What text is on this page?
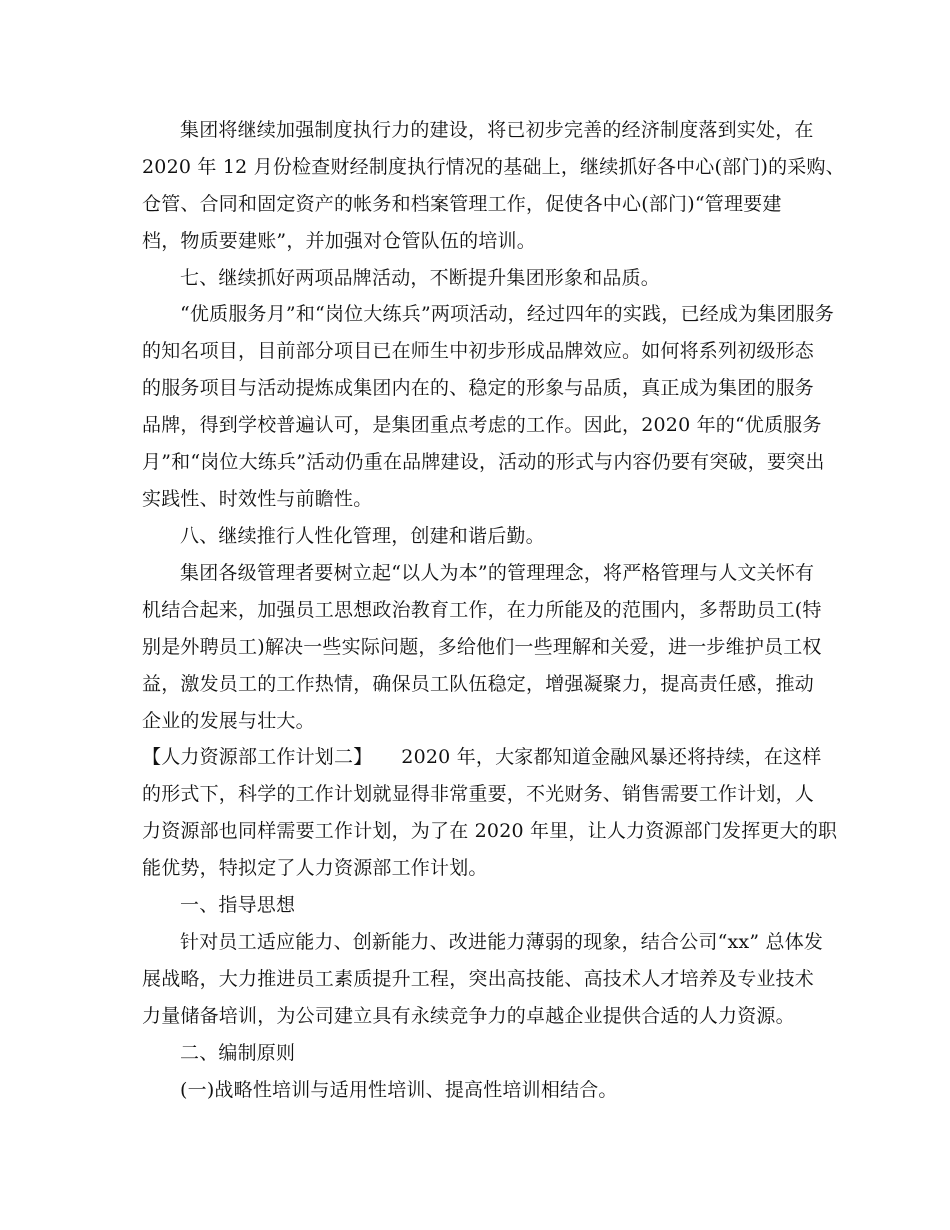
集团将继续加强制度执行力的建设，将已初步完善的经济制度落到实处，在
2020 年 12 月份检查财经制度执行情况的基础上，继续抓好各中心(部门)的采购、
仓管、合同和固定资产的帐务和档案管理工作，促使各中心(部门)“管理要建
档，物质要建账”，并加强对仓管队伍的培训。
七、继续抓好两项品牌活动，不断提升集团形象和品质。
“优质服务月”和“岗位大练兵”两项活动，经过四年的实践，已经成为集团服务
的知名项目，目前部分项目已在师生中初步形成品牌效应。如何将系列初级形态
的服务项目与活动提炼成集团内在的、稳定的形象与品质，真正成为集团的服务
品牌，得到学校普遍认可，是集团重点考虑的工作。因此，2020 年的“优质服务
月”和“岗位大练兵”活动仍重在品牌建设，活动的形式与内容仍要有突破，要突出
实践性、时效性与前瞻性。
八、继续推行人性化管理，创建和谐后勤。
集团各级管理者要树立起“以人为本”的管理理念，将严格管理与人文关怀有
机结合起来，加强员工思想政治教育工作，在力所能及的范围内，多帮助员工(特
别是外聘员工)解决一些实际问题，多给他们一些理解和关爱，进一步维护员工权
益，激发员工的工作热情，确保员工队伍稳定，增强凝聚力，提高责任感，推动
企业的发展与壮大。
【人力资源部工作计划二】　　2020 年，大家都知道金融风暴还将持续，在这样
的形式下，科学的工作计划就显得非常重要，不光财务、销售需要工作计划，人
力资源部也同样需要工作计划，为了在 2020 年里，让人力资源部门发挥更大的职
能优势，特拟定了人力资源部工作计划。
一、指导思想
针对员工适应能力、创新能力、改进能力薄弱的现象，结合公司“xx” 总体发
展战略，大力推进员工素质提升工程，突出高技能、高技术人才培养及专业技术
力量储备培训，为公司建立具有永续竞争力的卓越企业提供合适的人力资源。
二、编制原则
(一)战略性培训与适用性培训、提高性培训相结合。
